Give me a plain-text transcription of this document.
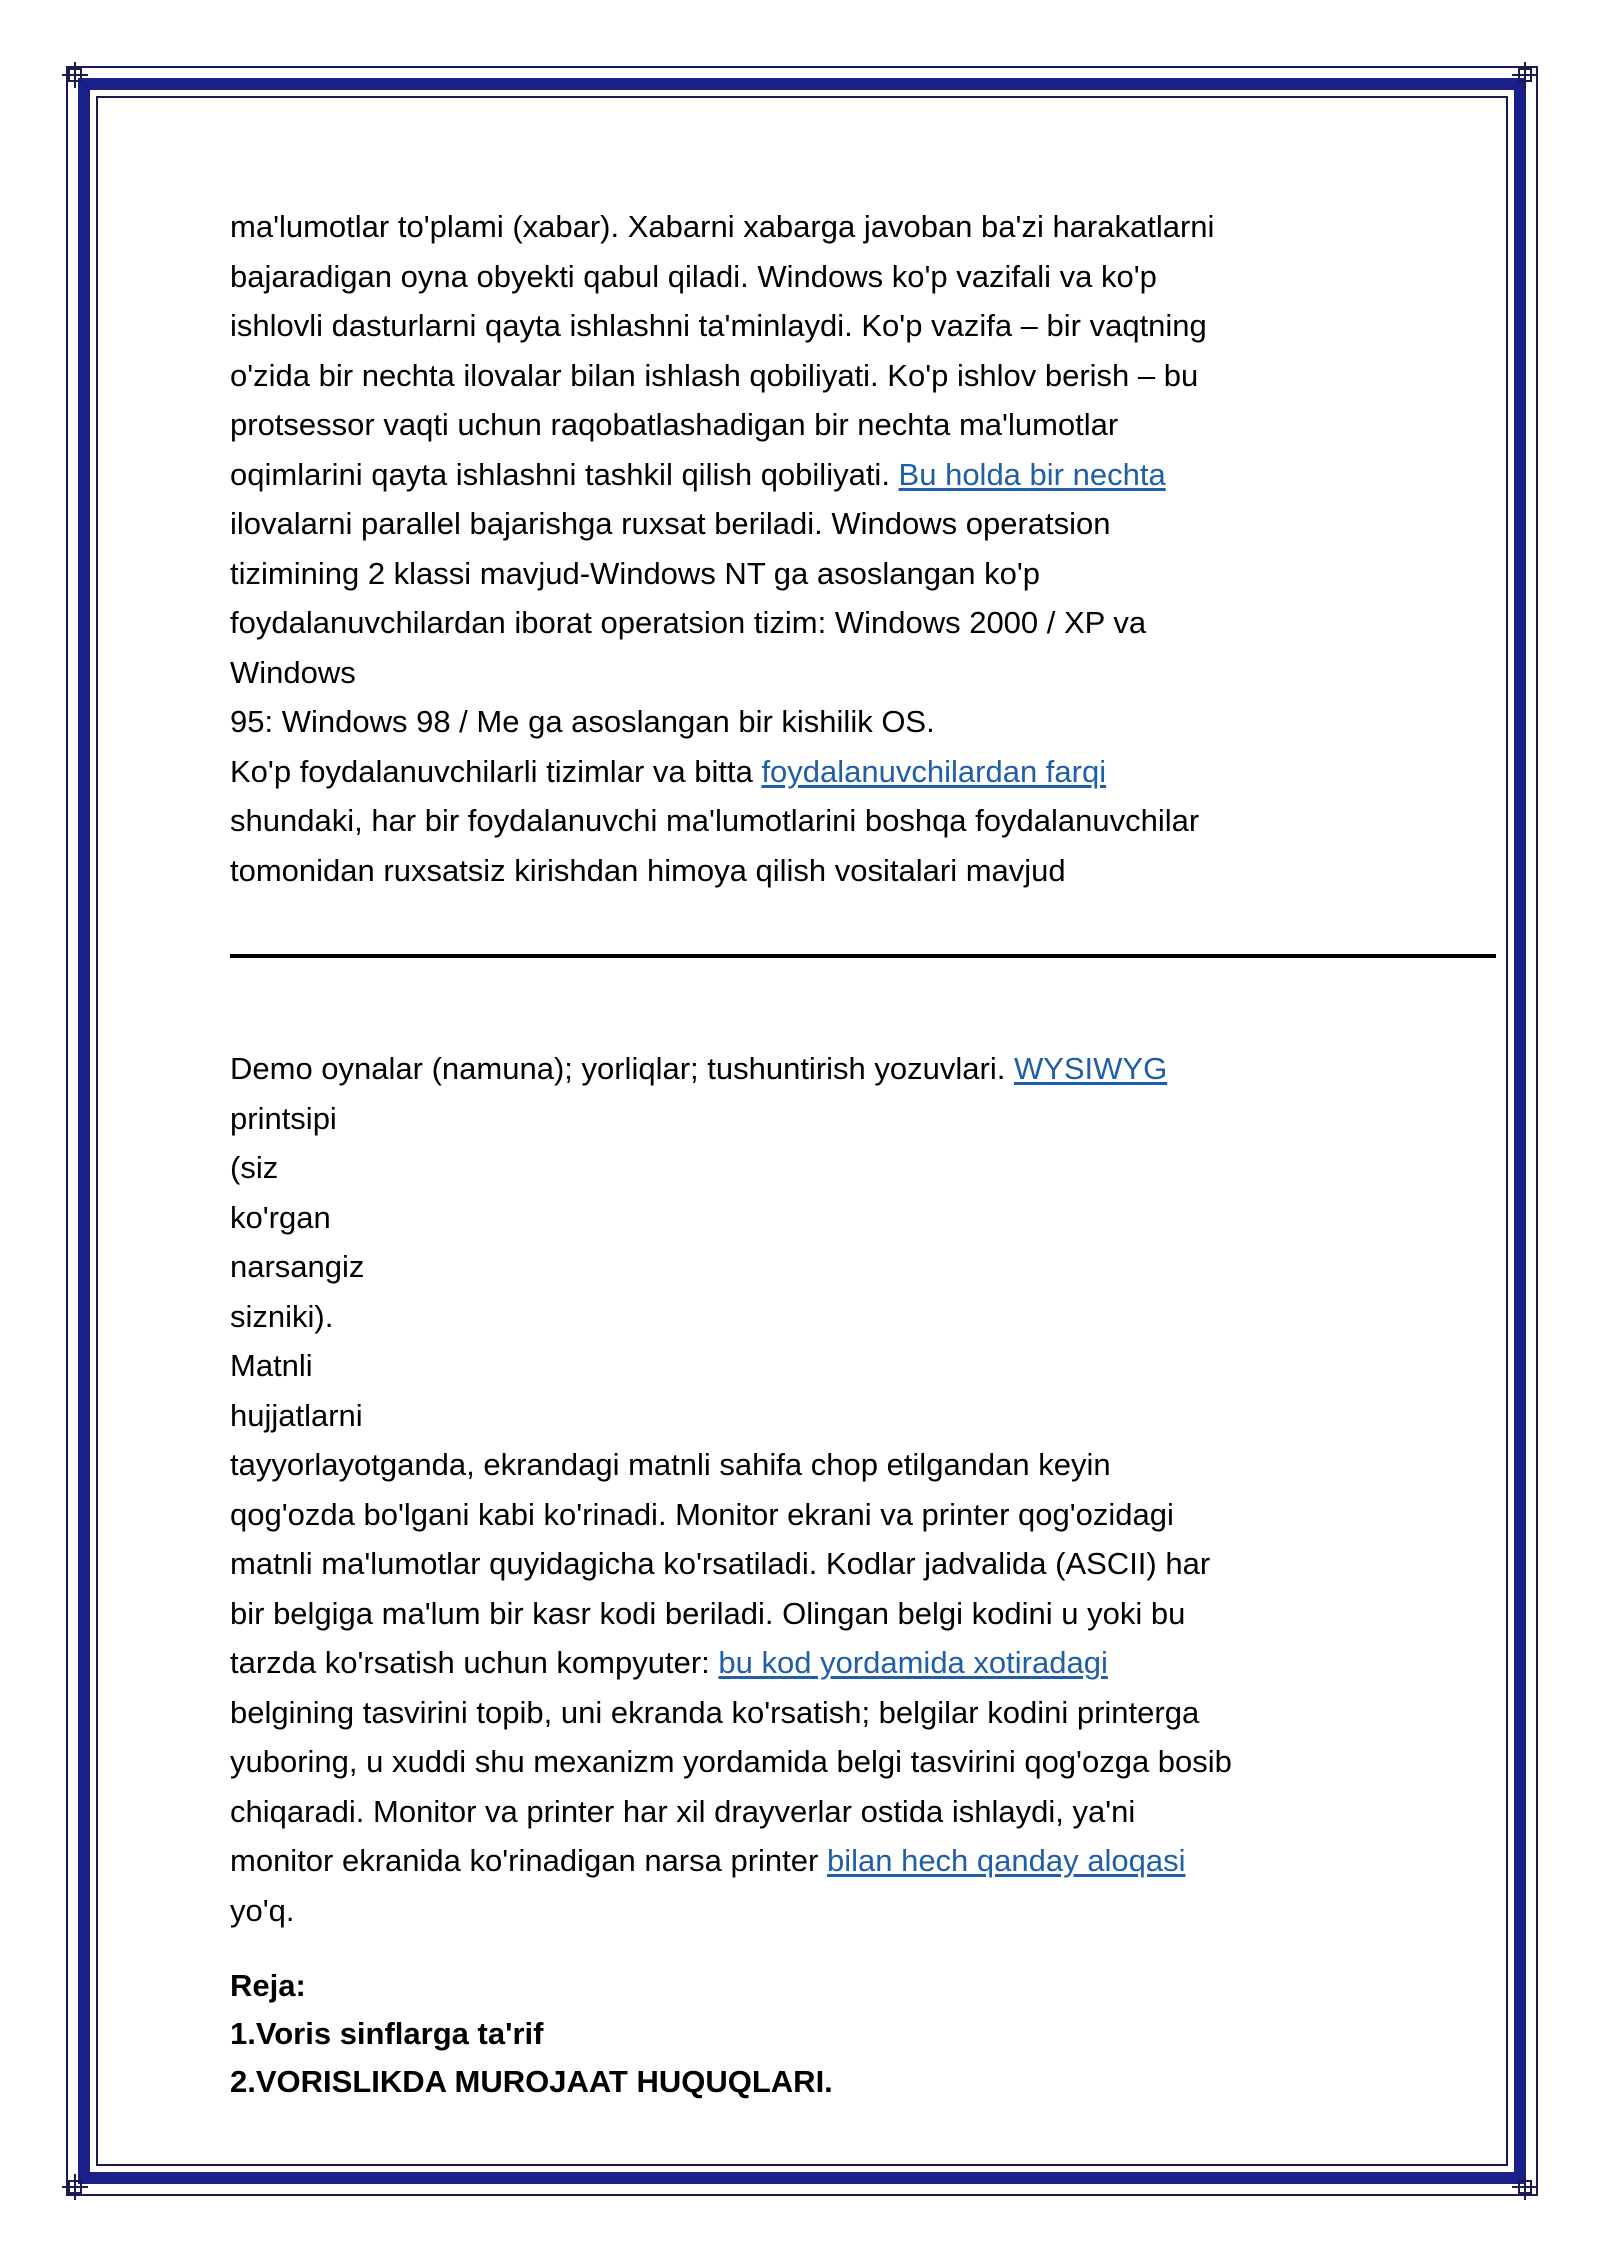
ma'lumotlar to'plami (xabar). Xabarni xabarga javoban ba'zi harakatlarni
bajaradigan oyna obyekti qabul qiladi. Windows ko'p vazifali va ko'p
ishlovli dasturlarni qayta ishlashni ta'minlaydi. Ko'p vazifa – bir vaqtning
o'zida bir nechta ilovalar bilan ishlash qobiliyati. Ko'p ishlov berish – bu
protsessor vaqti uchun raqobatlashadigan bir nechta ma'lumotlar
oqimlarini qayta ishlashni tashkil qilish qobiliyati. Bu holda bir nechta
ilovalarni parallel bajarishga ruxsat beriladi. Windows operatsion
tizimining 2 klassi mavjud-Windows NT ga asoslangan ko'p
foydalanuvchilardan iborat operatsion tizim: Windows 2000 / XP va
Windows
95: Windows 98 / Me ga asoslangan bir kishilik OS.
Ko'p foydalanuvchilarli tizimlar va bitta foydalanuvchilardan farqi
shundaki, har bir foydalanuvchi ma'lumotlarini boshqa foydalanuvchilar
tomonidan ruxsatsiz kirishdan himoya qilish vositalari mavjud
Demo oynalar (namuna); yorliqlar; tushuntirish yozuvlari. WYSIWYG
printsipi
(siz
ko'rgan
narsangiz
sizniki).
Matnli
hujjatlarni
tayyorlayotganda, ekrandagi matnli sahifa chop etilgandan keyin
qog'ozda bo'lgani kabi ko'rinadi. Monitor ekrani va printer qog'ozidagi
matnli ma'lumotlar quyidagicha ko'rsatiladi. Kodlar jadvalida (ASCII) har
bir belgiga ma'lum bir kasr kodi beriladi. Olingan belgi kodini u yoki bu
tarzda ko'rsatish uchun kompyuter: bu kod yordamida xotiradagi
belgining tasvirini topib, uni ekranda ko'rsatish; belgilar kodini printerga
yuboring, u xuddi shu mexanizm yordamida belgi tasvirini qog'ozga bosib
chiqaradi. Monitor va printer har xil drayverlar ostida ishlaydi, ya'ni
monitor ekranida ko'rinadigan narsa printer bilan hech qanday aloqasi
yo'q.
Reja:
1.Voris sinflarga ta'rif
2.VORISLIKDA MUROJAAT HUQUQLARI.
